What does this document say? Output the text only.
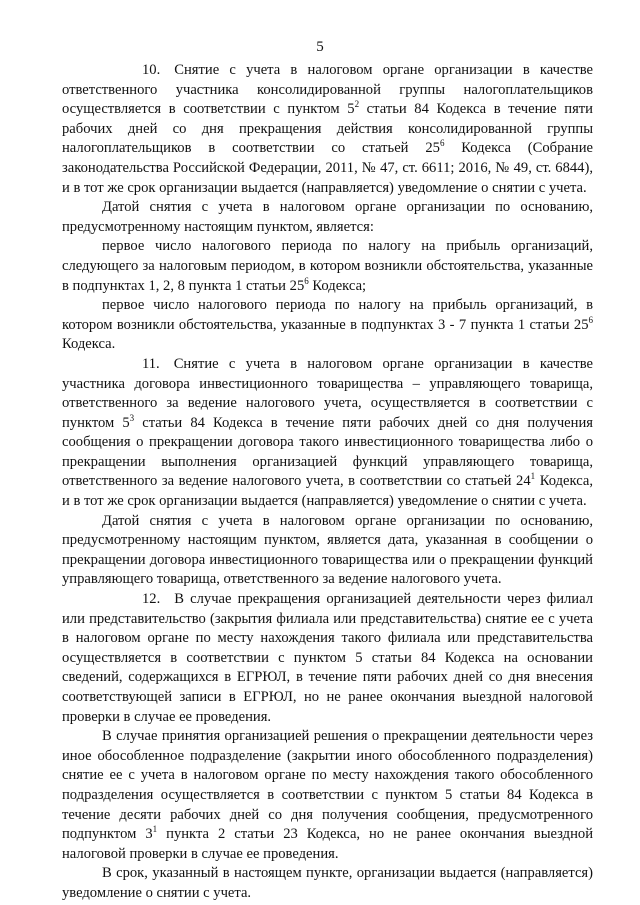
5

10. Снятие с учета в налоговом органе организации в качестве ответственного участника консолидированной группы налогоплательщиков осуществляется в соответствии с пунктом $5^2$ статьи 84 Кодекса в течение пяти рабочих дней со дня прекращения действия консолидированной группы налогоплательщиков в соответствии со статьей $25^6$ Кодекса (Собрание законодательства Российской Федерации, 2011, № 47, ст. 6611; 2016, № 49, ст. 6844), и в тот же срок организации выдается (направляется) уведомление о снятии с учета.

Датой снятия с учета в налоговом органе организации по основанию, предусмотренному настоящим пунктом, является:

первое число налогового периода по налогу на прибыль организаций, следующего за налоговым периодом, в котором возникли обстоятельства, указанные в подпунктах 1, 2, 8 пункта 1 статьи $25^6$ Кодекса;

первое число налогового периода по налогу на прибыль организаций, в котором возникли обстоятельства, указанные в подпунктах 3 - 7 пункта 1 статьи $25^6$ Кодекса.

11. Снятие с учета в налоговом органе организации в качестве участника договора инвестиционного товарищества – управляющего товарища, ответственного за ведение налогового учета, осуществляется в соответствии с пунктом $5^3$ статьи 84 Кодекса в течение пяти рабочих дней со дня получения сообщения о прекращении договора такого инвестиционного товарищества либо о прекращении выполнения организацией функций управляющего товарища, ответственного за ведение налогового учета, в соответствии со статьей $24^1$ Кодекса, и в тот же срок организации выдается (направляется) уведомление о снятии с учета.

Датой снятия с учета в налоговом органе организации по основанию, предусмотренному настоящим пунктом, является дата, указанная в сообщении о прекращении договора инвестиционного товарищества или о прекращении функций управляющего товарища, ответственного за ведение налогового учета.

12. В случае прекращения организацией деятельности через филиал или представительство (закрытия филиала или представительства) снятие ее с учета в налоговом органе по месту нахождения такого филиала или представительства осуществляется в соответствии с пунктом 5 статьи 84 Кодекса на основании сведений, содержащихся в ЕГРЮЛ, в течение пяти рабочих дней со дня внесения соответствующей записи в ЕГРЮЛ, но не ранее окончания выездной налоговой проверки в случае ее проведения.

В случае принятия организацией решения о прекращении деятельности через иное обособленное подразделение (закрытии иного обособленного подразделения) снятие ее с учета в налоговом органе по месту нахождения такого обособленного подразделения осуществляется в соответствии с пунктом 5 статьи 84 Кодекса в течение десяти рабочих дней со дня получения сообщения, предусмотренного подпунктом $3^1$ пункта 2 статьи 23 Кодекса, но не ранее окончания выездной налоговой проверки в случае ее проведения.

В срок, указанный в настоящем пункте, организации выдается (направляется) уведомление о снятии с учета.
